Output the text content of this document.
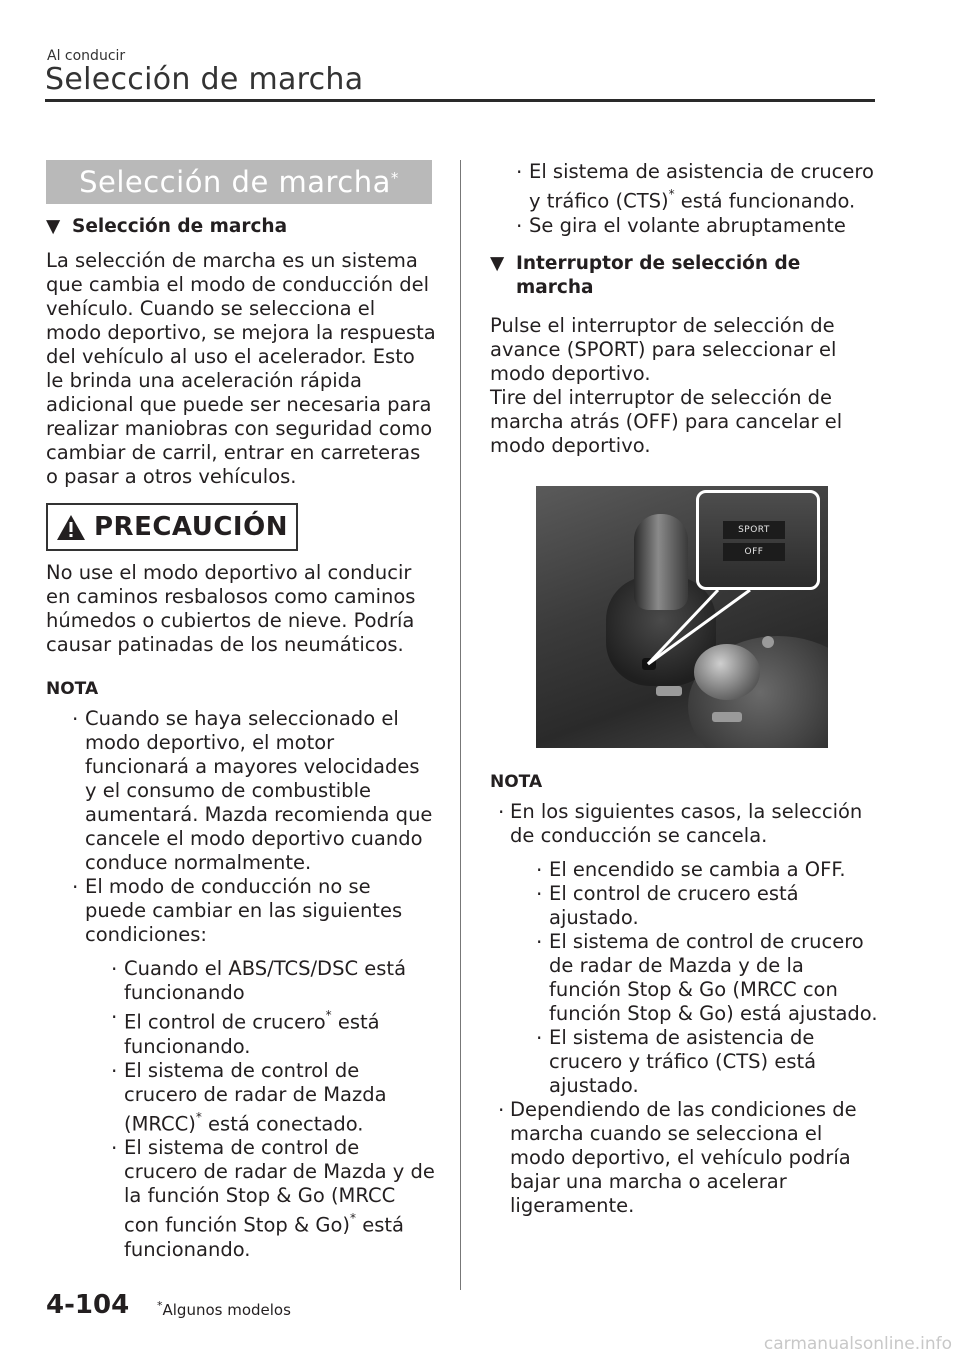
Al conducir
Selección de marcha
Selección de marcha*
▼ Selección de marcha

La selección de marcha es un sistema que cambia el modo de conducción del vehículo. Cuando se selecciona el modo deportivo, se mejora la respuesta del vehículo al uso el acelerador. Esto le brinda una aceleración rápida adicional que puede ser necesaria para realizar maniobras con seguridad como cambiar de carril, entrar en carreteras o pasar a otros vehículos.

PRECAUCIÓN

No use el modo deportivo al conducir en caminos resbalosos como caminos húmedos o cubiertos de nieve. Podría causar patinadas de los neumáticos.

NOTA
· Cuando se haya seleccionado el modo deportivo, el motor funcionará a mayores velocidades y el consumo de combustible aumentará. Mazda recomienda que cancele el modo deportivo cuando conduce normalmente.
· El modo de conducción no se puede cambiar en las siguientes condiciones:
· Cuando el ABS/TCS/DSC está funcionando
· El control de crucero* está funcionando.
· El sistema de control de crucero de radar de Mazda (MRCC)* está conectado.
· El sistema de control de crucero de radar de Mazda y de la función Stop & Go (MRCC con función Stop & Go)* está funcionando.
· El sistema de asistencia de crucero y tráfico (CTS)* está funcionando.
· Se gira el volante abruptamente
▼ Interruptor de selección de marcha

Pulse el interruptor de selección de avance (SPORT) para seleccionar el modo deportivo.

Tire del interruptor de selección de marcha atrás (OFF) para cancelar el modo deportivo.

SPORT
OFF
NOTA
· En los siguientes casos, la selección de conducción se cancela.
· El encendido se cambia a OFF.
· El control de crucero está ajustado.
· El sistema de control de crucero de radar de Mazda y de la función Stop & Go (MRCC con función Stop & Go) está ajustado.
· El sistema de asistencia de crucero y tráfico (CTS) está ajustado.
· Dependiendo de las condiciones de marcha cuando se selecciona el modo deportivo, el vehículo podría bajar una marcha o acelerar ligeramente.
4-104	*Algunos modelos
carmanualsonline.info
